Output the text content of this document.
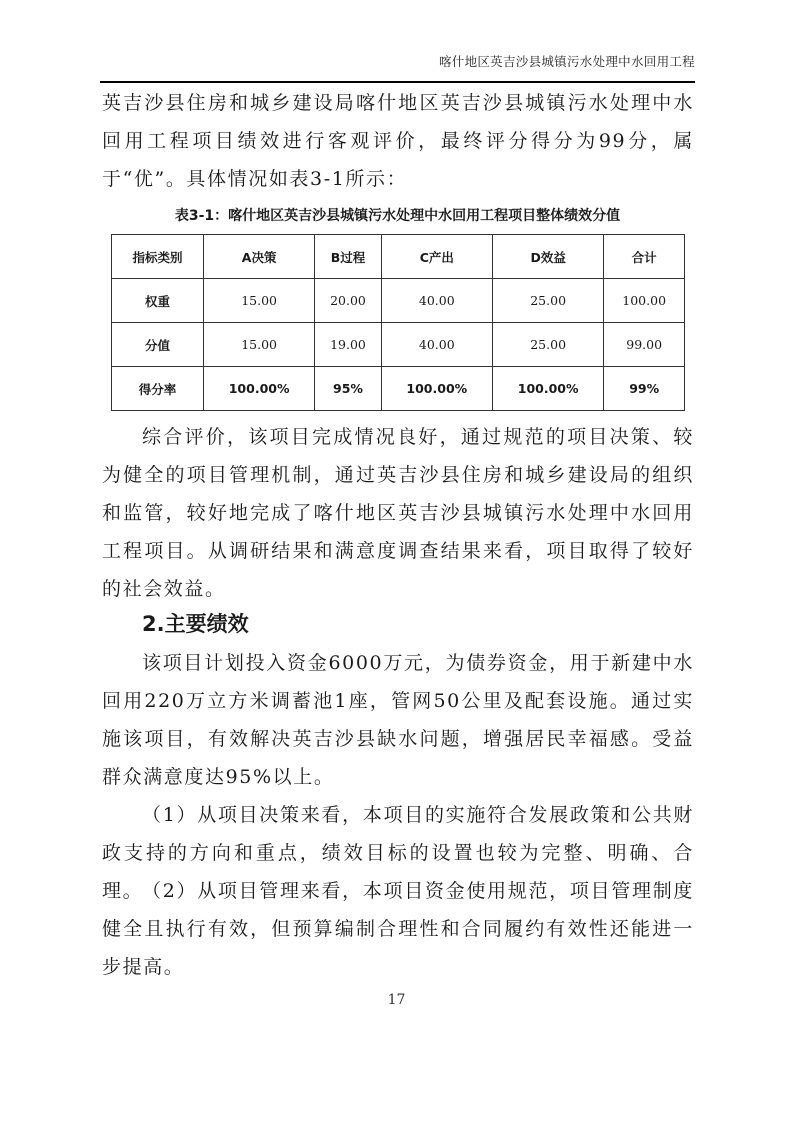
喀什地区英吉沙县城镇污水处理中水回用工程

英吉沙县住房和城乡建设局喀什地区英吉沙县城镇污水处理中水回用工程项目绩效进行客观评价，最终评分得分为99分，属于“优”。具体情况如表3-1所示：

表3-1：喀什地区英吉沙县城镇污水处理中水回用工程项目整体绩效分值
指标类别	A决策	B过程	C产出	D效益	合计
权重	15.00	20.00	40.00	25.00	100.00
分值	15.00	19.00	40.00	25.00	99.00
得分率	100.00%	95%	100.00%	100.00%	99%

综合评价，该项目完成情况良好，通过规范的项目决策、较为健全的项目管理机制，通过英吉沙县住房和城乡建设局的组织和监管，较好地完成了喀什地区英吉沙县城镇污水处理中水回用工程项目。从调研结果和满意度调查结果来看，项目取得了较好的社会效益。

2.主要绩效

该项目计划投入资金6000万元，为债券资金，用于新建中水回用220万立方米调蓄池1座，管网50公里及配套设施。通过实施该项目，有效解决英吉沙县缺水问题，增强居民幸福感。受益群众满意度达95%以上。

（1）从项目决策来看，本项目的实施符合发展政策和公共财政支持的方向和重点，绩效目标的设置也较为完整、明确、合理。

（2）从项目管理来看，本项目资金使用规范，项目管理制度健全且执行有效，但预算编制合理性和合同履约有效性还能进一步提高。

17
